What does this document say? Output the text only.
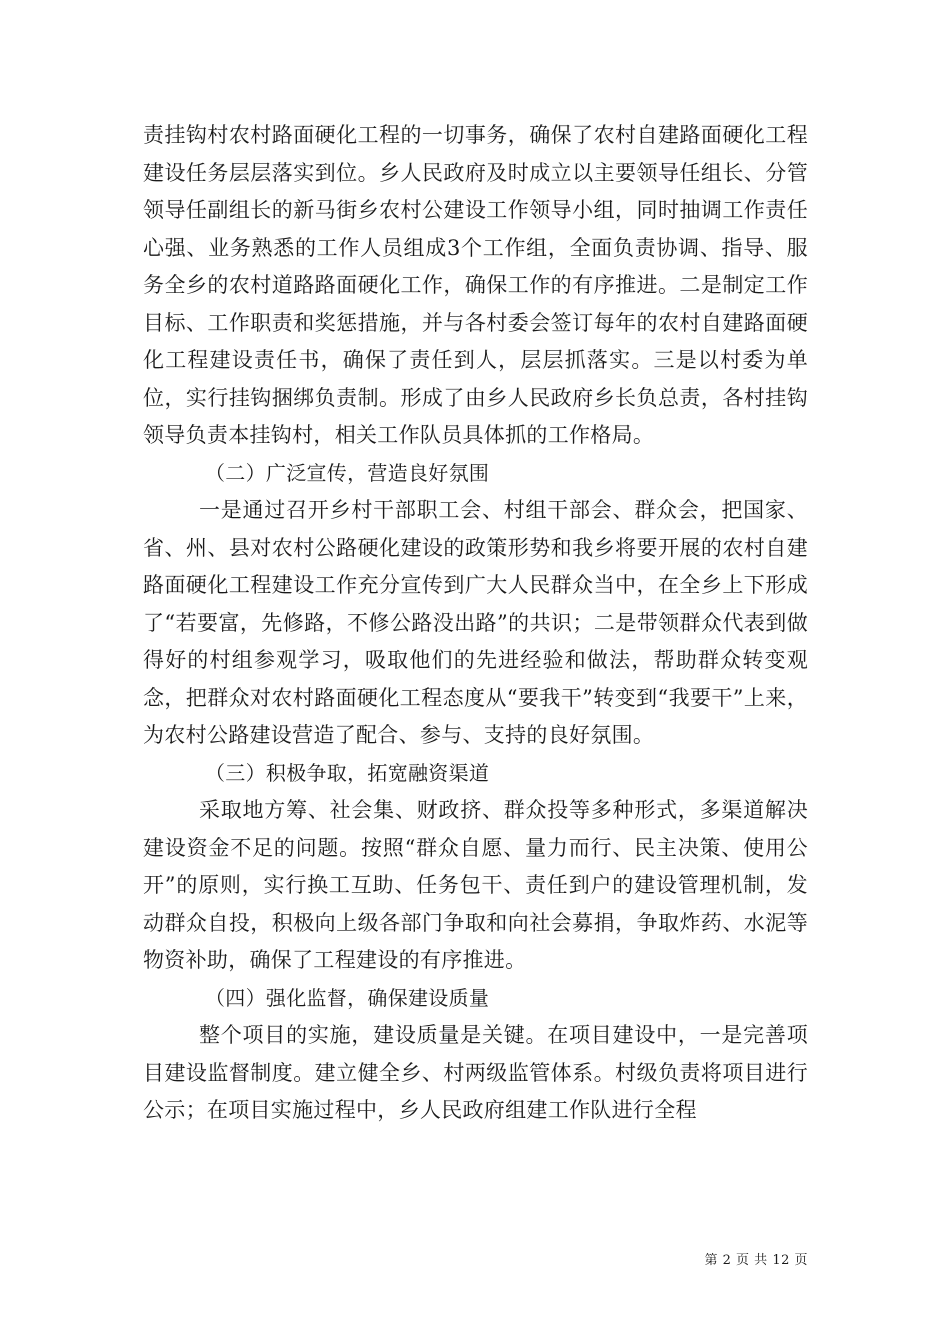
责挂钩村农村路面硬化工程的一切事务，确保了农村自建路面硬化工程建设任务层层落实到位。乡人民政府及时成立以主要领导任组长、分管领导任副组长的新马街乡农村公建设工作领导小组，同时抽调工作责任心强、业务熟悉的工作人员组成3个工作组，全面负责协调、指导、服务全乡的农村道路路面硬化工作，确保工作的有序推进。二是制定工作目标、工作职责和奖惩措施，并与各村委会签订每年的农村自建路面硬化工程建设责任书，确保了责任到人，层层抓落实。三是以村委为单位，实行挂钩捆绑负责制。形成了由乡人民政府乡长负总责，各村挂钩领导负责本挂钩村，相关工作队员具体抓的工作格局。

（二）广泛宣传，营造良好氛围

一是通过召开乡村干部职工会、村组干部会、群众会，把国家、省、州、县对农村公路硬化建设的政策形势和我乡将要开展的农村自建路面硬化工程建设工作充分宣传到广大人民群众当中，在全乡上下形成了“若要富，先修路，不修公路没出路”的共识；二是带领群众代表到做得好的村组参观学习，吸取他们的先进经验和做法，帮助群众转变观念，把群众对农村路面硬化工程态度从“要我干”转变到“我要干”上来，为农村公路建设营造了配合、参与、支持的良好氛围。

（三）积极争取，拓宽融资渠道

采取地方筹、社会集、财政挤、群众投等多种形式，多渠道解决建设资金不足的问题。按照“群众自愿、量力而行、民主决策、使用公开”的原则，实行换工互助、任务包干、责任到户的建设管理机制，发动群众自投，积极向上级各部门争取和向社会募捐，争取炸药、水泥等物资补助，确保了工程建设的有序推进。

（四）强化监督，确保建设质量

整个项目的实施，建设质量是关键。在项目建设中，一是完善项目建设监督制度。建立健全乡、村两级监管体系。村级负责将项目进行公示；在项目实施过程中，乡人民政府组建工作队进行全程

第 2 页 共 12 页
